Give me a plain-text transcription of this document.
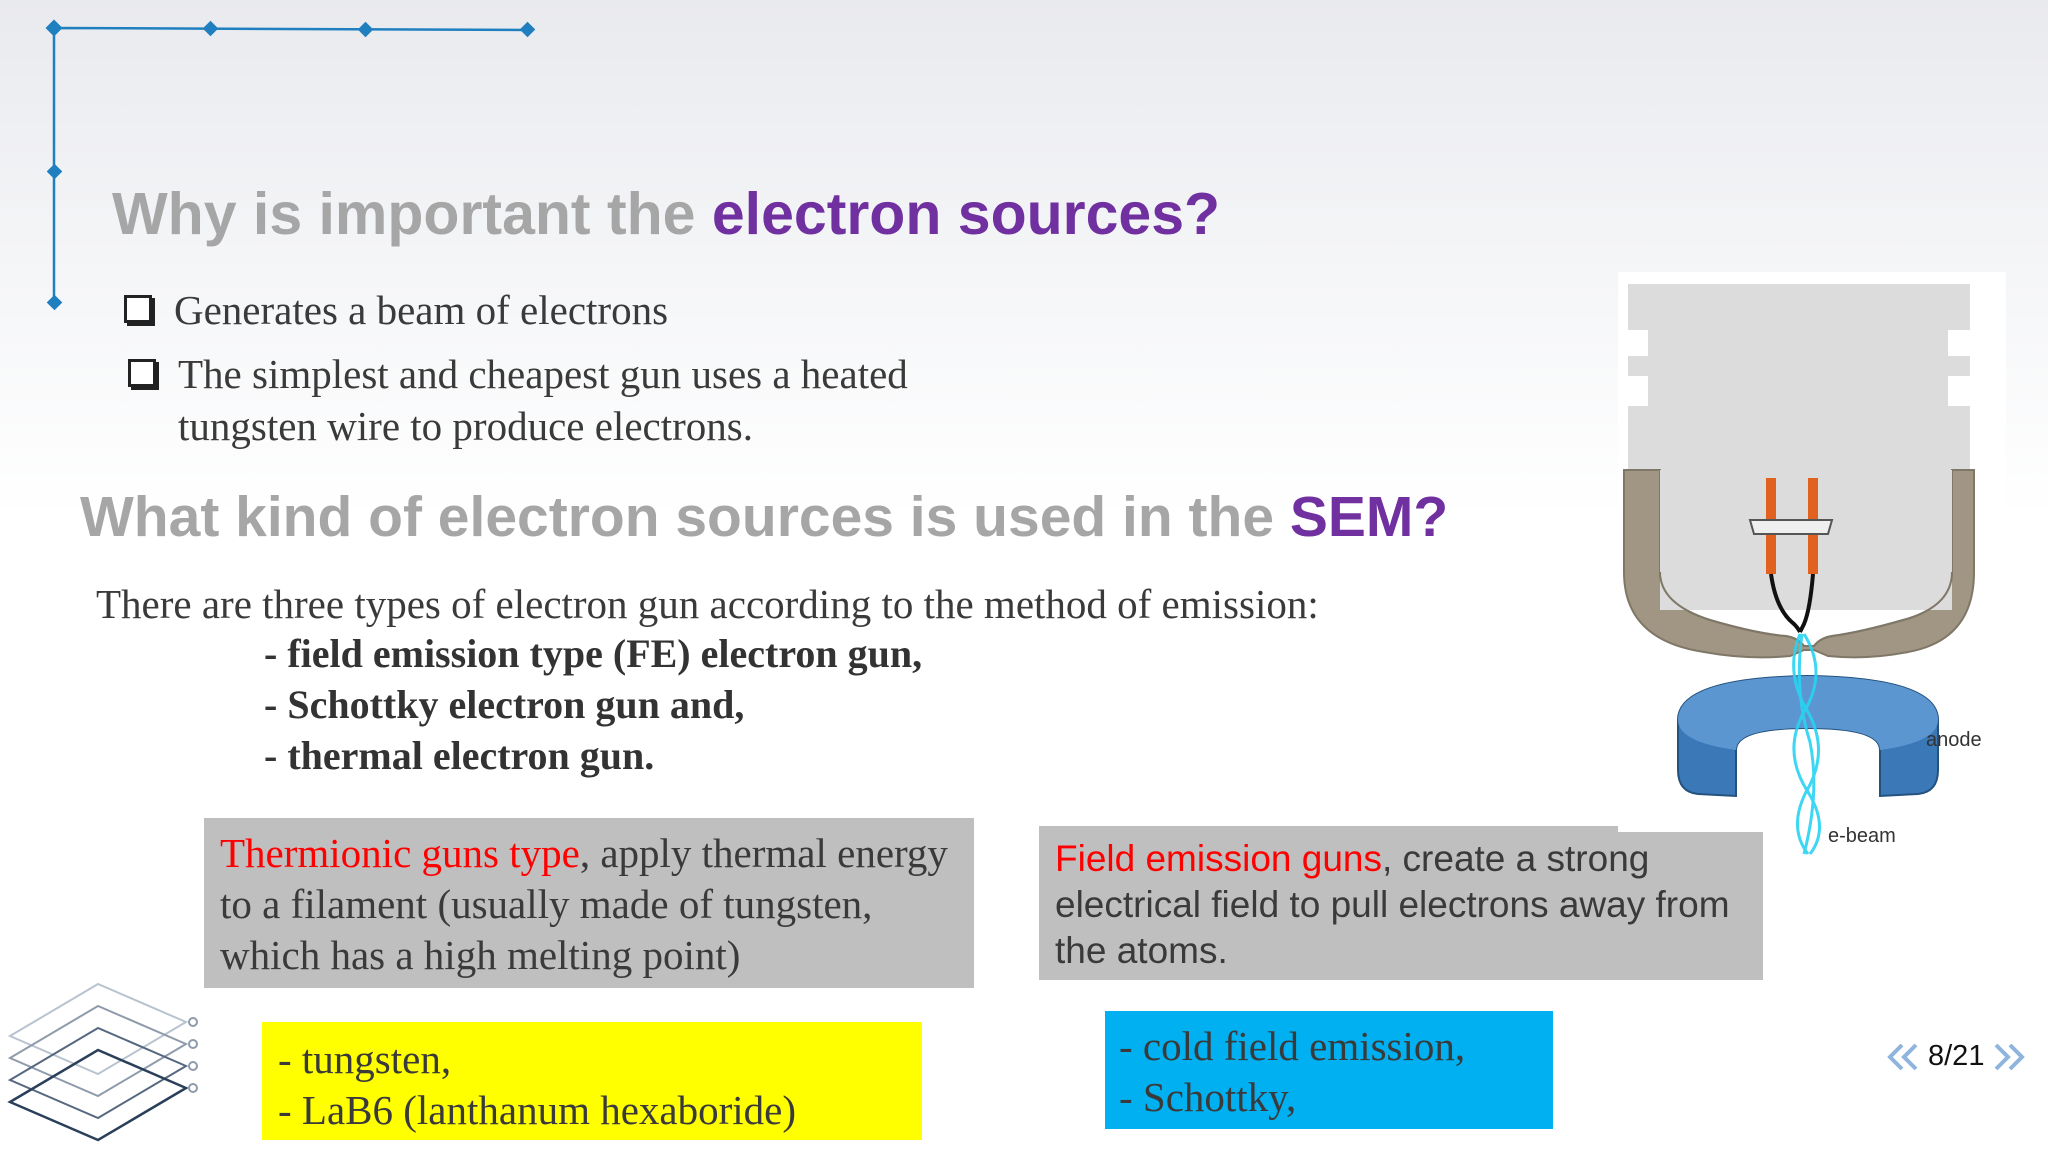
Why is important the electron sources?
Generates a beam of electrons
The simplest and cheapest gun uses a heated tungsten wire to produce electrons.
What kind of electron sources is used in the SEM?
There are three types of electron gun according to the method of emission:
- field emission type (FE) electron gun,
- Schottky electron gun and,
- thermal electron gun.
Thermionic guns type, apply thermal energy to a filament (usually made of tungsten, which has a high melting point)
Field emission guns, create a strong electrical field to pull electrons away from the atoms.
- tungsten,
- LaB6 (lanthanum hexaboride)
- cold field emission,
- Schottky,
anode
e-beam
8/21
